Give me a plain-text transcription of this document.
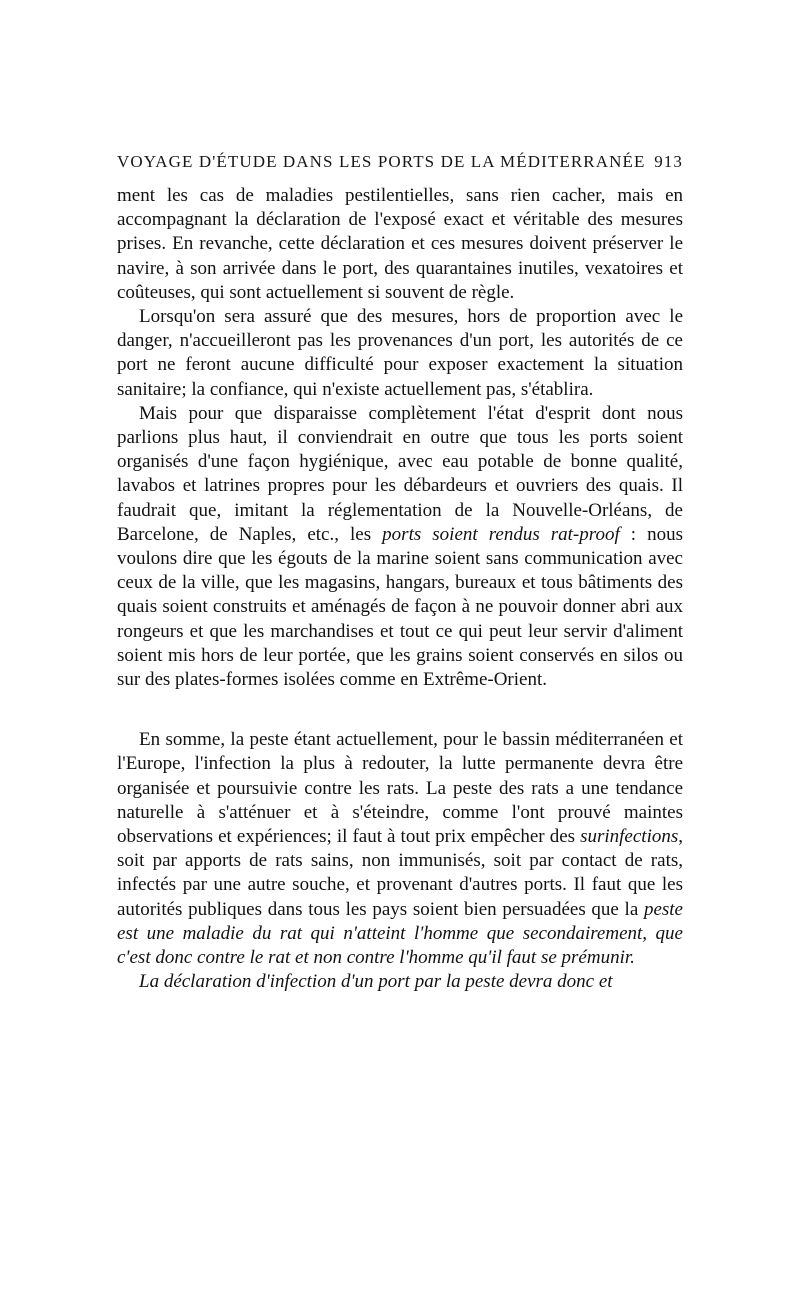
VOYAGE D'ÉTUDE DANS LES PORTS DE LA MÉDITERRANÉE 913

ment les cas de maladies pestilentielles, sans rien cacher, mais en accompagnant la déclaration de l'exposé exact et véritable des mesures prises. En revanche, cette déclaration et ces mesures doivent préserver le navire, à son arrivée dans le port, des quarantaines inutiles, vexatoires et coûteuses, qui sont actuellement si souvent de règle.

Lorsqu'on sera assuré que des mesures, hors de proportion avec le danger, n'accueilleront pas les provenances d'un port, les autorités de ce port ne feront aucune difficulté pour exposer exactement la situation sanitaire; la confiance, qui n'existe actuellement pas, s'établira.

Mais pour que disparaisse complètement l'état d'esprit dont nous parlions plus haut, il conviendrait en outre que tous les ports soient organisés d'une façon hygiénique, avec eau potable de bonne qualité, lavabos et latrines propres pour les débardeurs et ouvriers des quais. Il faudrait que, imitant la réglementation de la Nouvelle-Orléans, de Barcelone, de Naples, etc., les ports soient rendus rat-proof : nous voulons dire que les égouts de la marine soient sans communication avec ceux de la ville, que les magasins, hangars, bureaux et tous bâtiments des quais soient construits et aménagés de façon à ne pouvoir donner abri aux rongeurs et que les marchandises et tout ce qui peut leur servir d'aliment soient mis hors de leur portée, que les grains soient conservés en silos ou sur des plates-formes isolées comme en Extrême-Orient.

En somme, la peste étant actuellement, pour le bassin méditerranéen et l'Europe, l'infection la plus à redouter, la lutte permanente devra être organisée et poursuivie contre les rats. La peste des rats a une tendance naturelle à s'atténuer et à s'éteindre, comme l'ont prouvé maintes observations et expériences; il faut à tout prix empêcher des surinfections, soit par apports de rats sains, non immunisés, soit par contact de rats, infectés par une autre souche, et provenant d'autres ports. Il faut que les autorités publiques dans tous les pays soient bien persuadées que la peste est une maladie du rat qui n'atteint l'homme que secondairement, que c'est donc contre le rat et non contre l'homme qu'il faut se prémunir.

La déclaration d'infection d'un port par la peste devra donc et
